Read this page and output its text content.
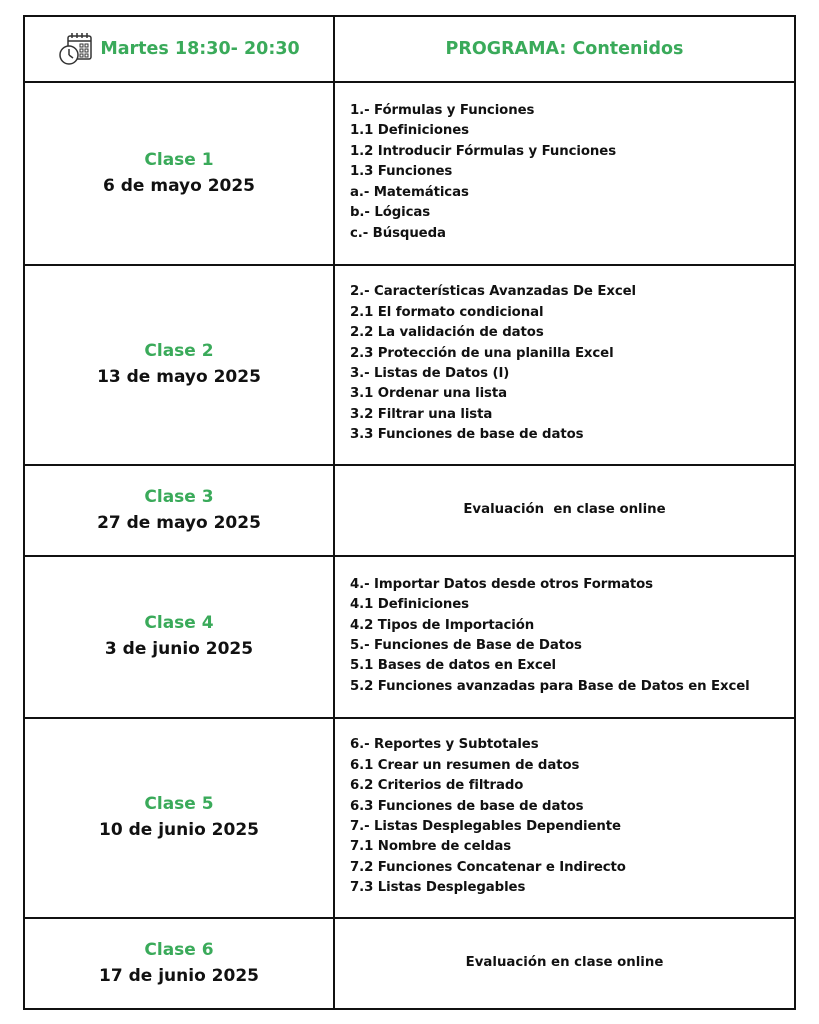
Martes 18:30- 20:30	PROGRAMA: Contenidos
Clase 1
6 de mayo 2025
1.- Fórmulas y Funciones
1.1 Definiciones
1.2 Introducir Fórmulas y Funciones
1.3 Funciones
a.- Matemáticas
b.- Lógicas
c.- Búsqueda
Clase 2
13 de mayo 2025
2.- Características Avanzadas De Excel
2.1 El formato condicional
2.2 La validación de datos
2.3 Protección de una planilla Excel
3.- Listas de Datos (I)
3.1 Ordenar una lista
3.2 Filtrar una lista
3.3 Funciones de base de datos
Clase 3
27 de mayo 2025
Evaluación  en clase online
Clase 4
3 de junio 2025
4.- Importar Datos desde otros Formatos
4.1 Definiciones
4.2 Tipos de Importación
5.- Funciones de Base de Datos
5.1 Bases de datos en Excel
5.2 Funciones avanzadas para Base de Datos en Excel
Clase 5
10 de junio 2025
6.- Reportes y Subtotales
6.1 Crear un resumen de datos
6.2 Criterios de filtrado
6.3 Funciones de base de datos
7.- Listas Desplegables Dependiente
7.1 Nombre de celdas
7.2 Funciones Concatenar e Indirecto
7.3 Listas Desplegables
Clase 6
17 de junio 2025
Evaluación en clase online
